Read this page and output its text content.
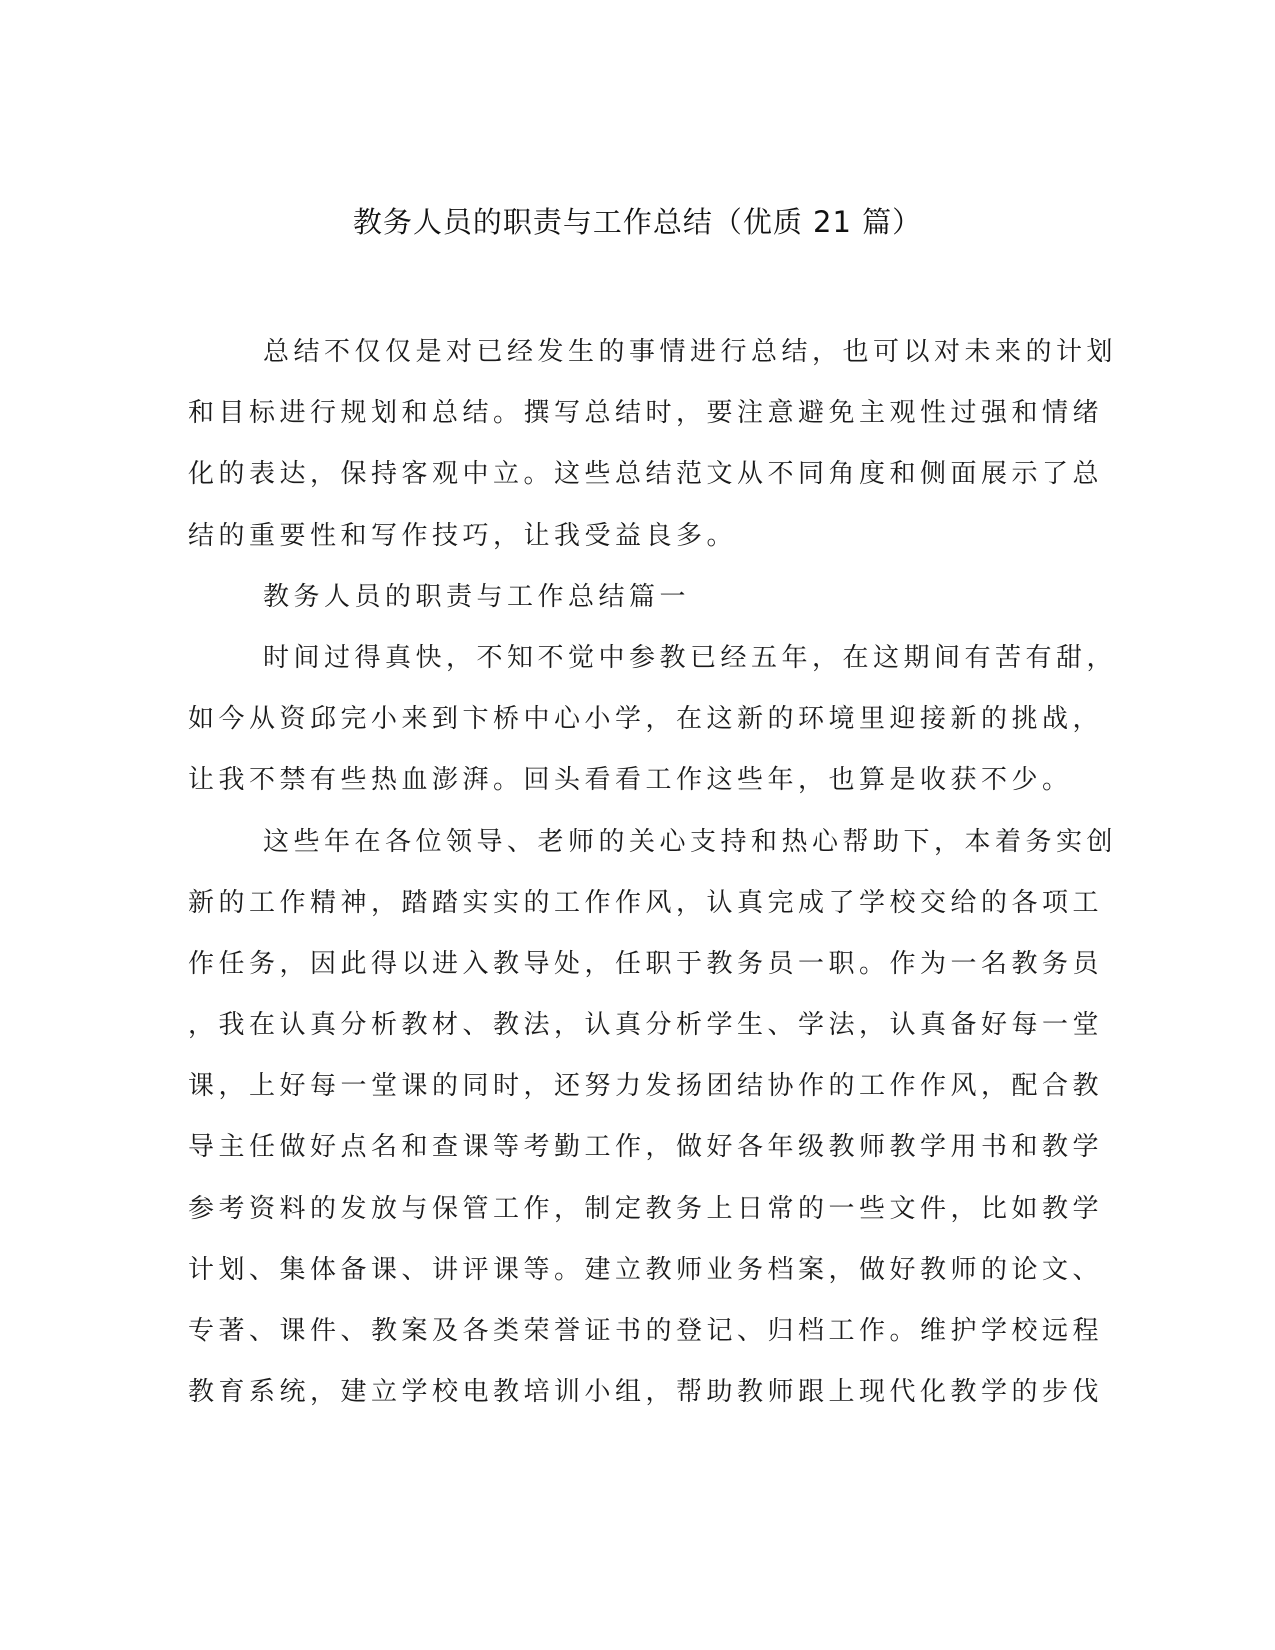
教务人员的职责与工作总结（优质 21 篇）
总结不仅仅是对已经发生的事情进行总结，也可以对未来的计划
和目标进行规划和总结。撰写总结时，要注意避免主观性过强和情绪
化的表达，保持客观中立。这些总结范文从不同角度和侧面展示了总
结的重要性和写作技巧，让我受益良多。
教务人员的职责与工作总结篇一
时间过得真快，不知不觉中参教已经五年，在这期间有苦有甜，
如今从资邱完小来到卞桥中心小学，在这新的环境里迎接新的挑战，
让我不禁有些热血澎湃。回头看看工作这些年，也算是收获不少。
这些年在各位领导、老师的关心支持和热心帮助下，本着务实创
新的工作精神，踏踏实实的工作作风，认真完成了学校交给的各项工
作任务，因此得以进入教导处，任职于教务员一职。作为一名教务员
，我在认真分析教材、教法，认真分析学生、学法，认真备好每一堂
课，上好每一堂课的同时，还努力发扬团结协作的工作作风，配合教
导主任做好点名和查课等考勤工作，做好各年级教师教学用书和教学
参考资料的发放与保管工作，制定教务上日常的一些文件，比如教学
计划、集体备课、讲评课等。建立教师业务档案，做好教师的论文、
专著、课件、教案及各类荣誉证书的登记、归档工作。维护学校远程
教育系统，建立学校电教培训小组，帮助教师跟上现代化教学的步伐
